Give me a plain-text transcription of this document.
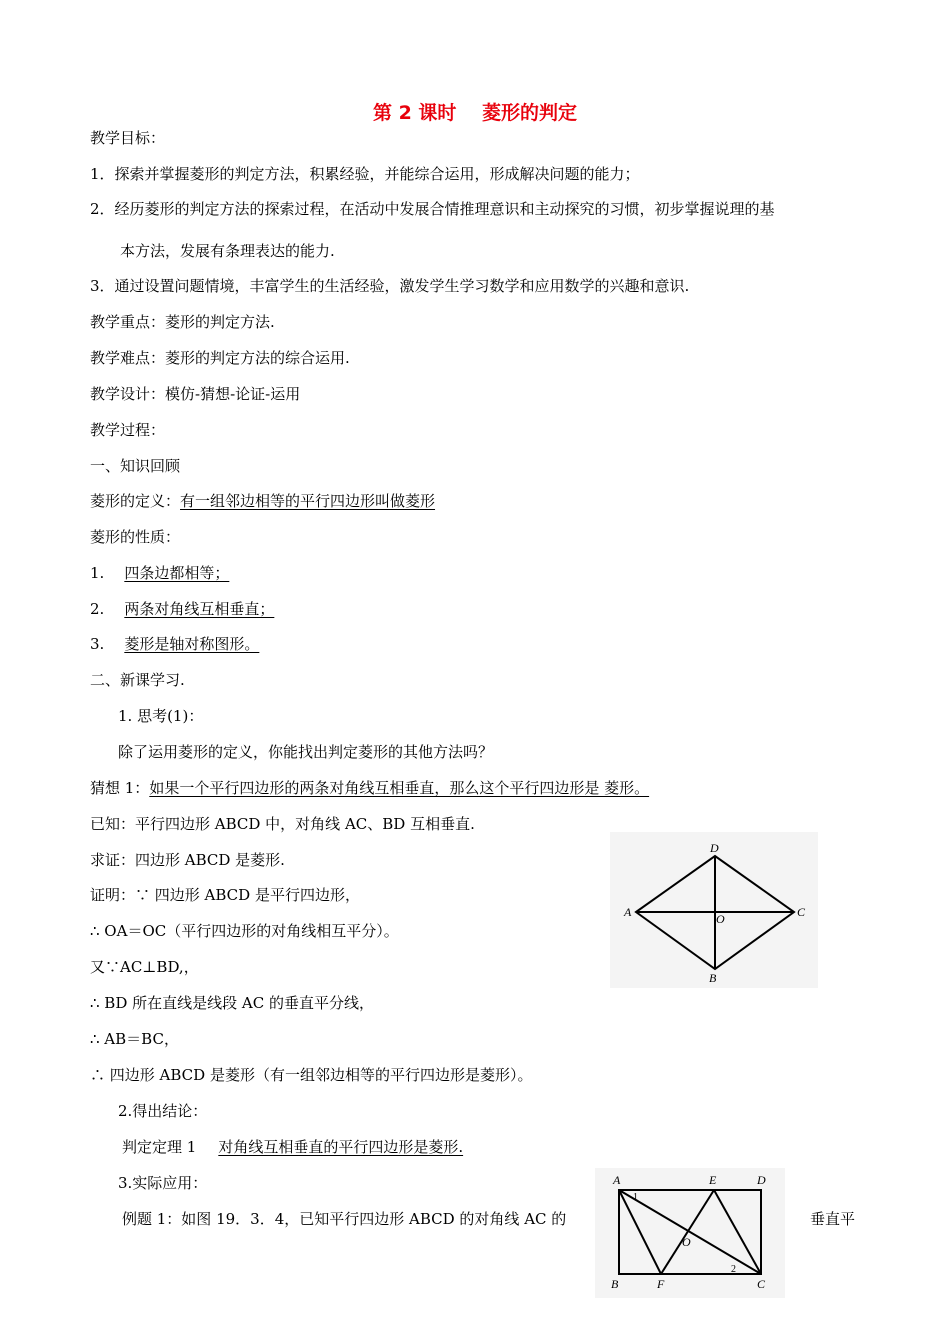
第 2 课时　 菱形的判定
教学目标：
1．探索并掌握菱形的判定方法，积累经验，并能综合运用，形成解决问题的能力；
2．经历菱形的判定方法的探索过程，在活动中发展合情推理意识和主动探究的习惯，初步掌握说理的基
本方法，发展有条理表达的能力.
3．通过设置问题情境，丰富学生的生活经验，激发学生学习数学和应用数学的兴趣和意识.
教学重点：菱形的判定方法.
教学难点：菱形的判定方法的综合运用.
教学设计：模仿-猜想-论证-运用
教学过程：
一、知识回顾
菱形的定义：有一组邻边相等的平行四边形叫做菱形
菱形的性质：
1. 四条边都相等；
2. 两条对角线互相垂直；
3. 菱形是轴对称图形。
二、新课学习.
1. 思考(1)：
除了运用菱形的定义，你能找出判定菱形的其他方法吗？
猜想 1：如果一个平行四边形的两条对角线互相垂直，那么这个平行四边形是 菱形。
已知：平行四边形 ABCD 中，对角线 AC、BD 互相垂直.
求证：四边形 ABCD 是菱形.
证明：∵ 四边形 ABCD 是平行四边形，
∴ OA＝OC（平行四边形的对角线相互平分）。
又∵AC⊥BD,，
∴ BD 所在直线是线段 AC 的垂直平分线，
∴ AB＝BC，
∴ 四边形 ABCD 是菱形（有一组邻边相等的平行四边形是菱形）。
2.得出结论：
判定定理 1 对角线互相垂直的平行四边形是菱形.
3.实际应用：
例题 1：如图 19．3．4，已知平行四边形 ABCD 的对角线 AC 的	垂直平
D
A	C
O
B
A
1
E	D
O
2
B	F	C
